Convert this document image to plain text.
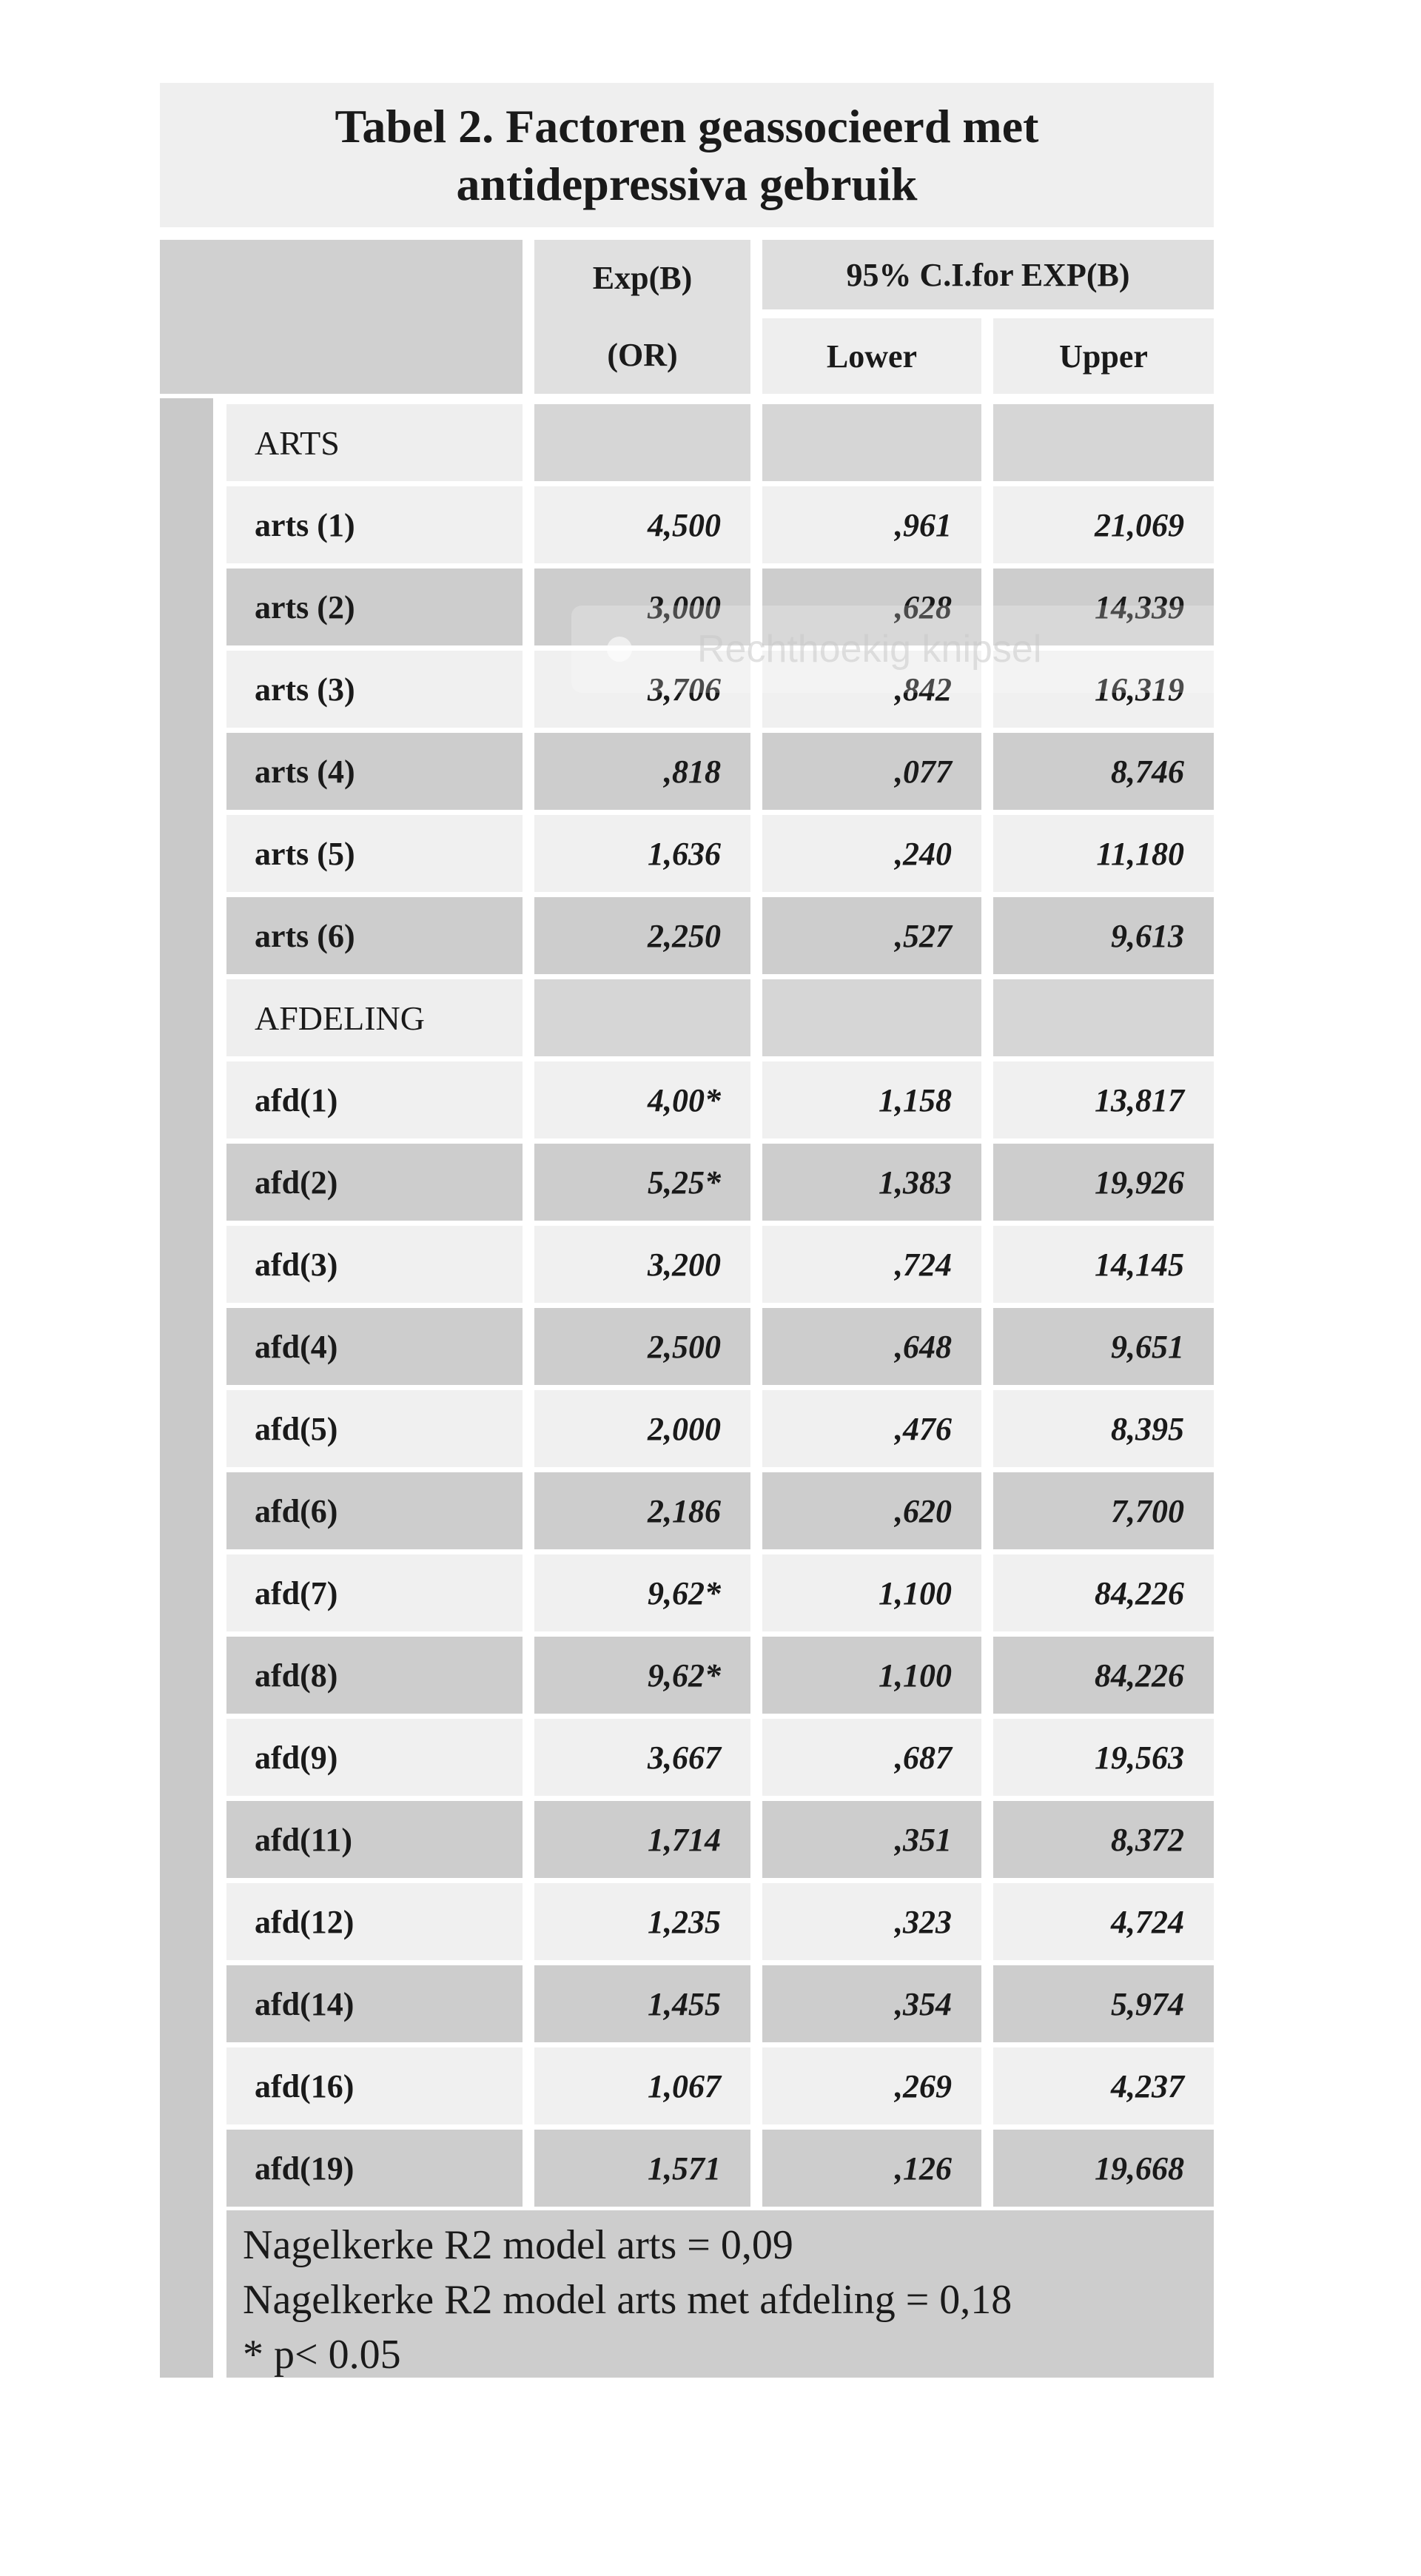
Tabel 2. Factoren geassocieerd met
antidepressiva gebruik
Exp(B)
(OR)
95% C.I.for EXP(B)
Lower	Upper
ARTS
arts (1)	4,500	,961	21,069
arts (2)	3,000	,628	14,339
arts (3)	3,706	,842	16,319
arts (4)	,818	,077	8,746
arts (5)	1,636	,240	11,180
arts (6)	2,250	,527	9,613
AFDELING
afd(1)	4,00*	1,158	13,817
afd(2)	5,25*	1,383	19,926
afd(3)	3,200	,724	14,145
afd(4)	2,500	,648	9,651
afd(5)	2,000	,476	8,395
afd(6)	2,186	,620	7,700
afd(7)	9,62*	1,100	84,226
afd(8)	9,62*	1,100	84,226
afd(9)	3,667	,687	19,563
afd(11)	1,714	,351	8,372
afd(12)	1,235	,323	4,724
afd(14)	1,455	,354	5,974
afd(16)	1,067	,269	4,237
afd(19)	1,571	,126	19,668
Nagelkerke R2 model arts = 0,09
Nagelkerke R2 model arts met afdeling = 0,18
* p< 0.05
Rechthoekig knipsel
